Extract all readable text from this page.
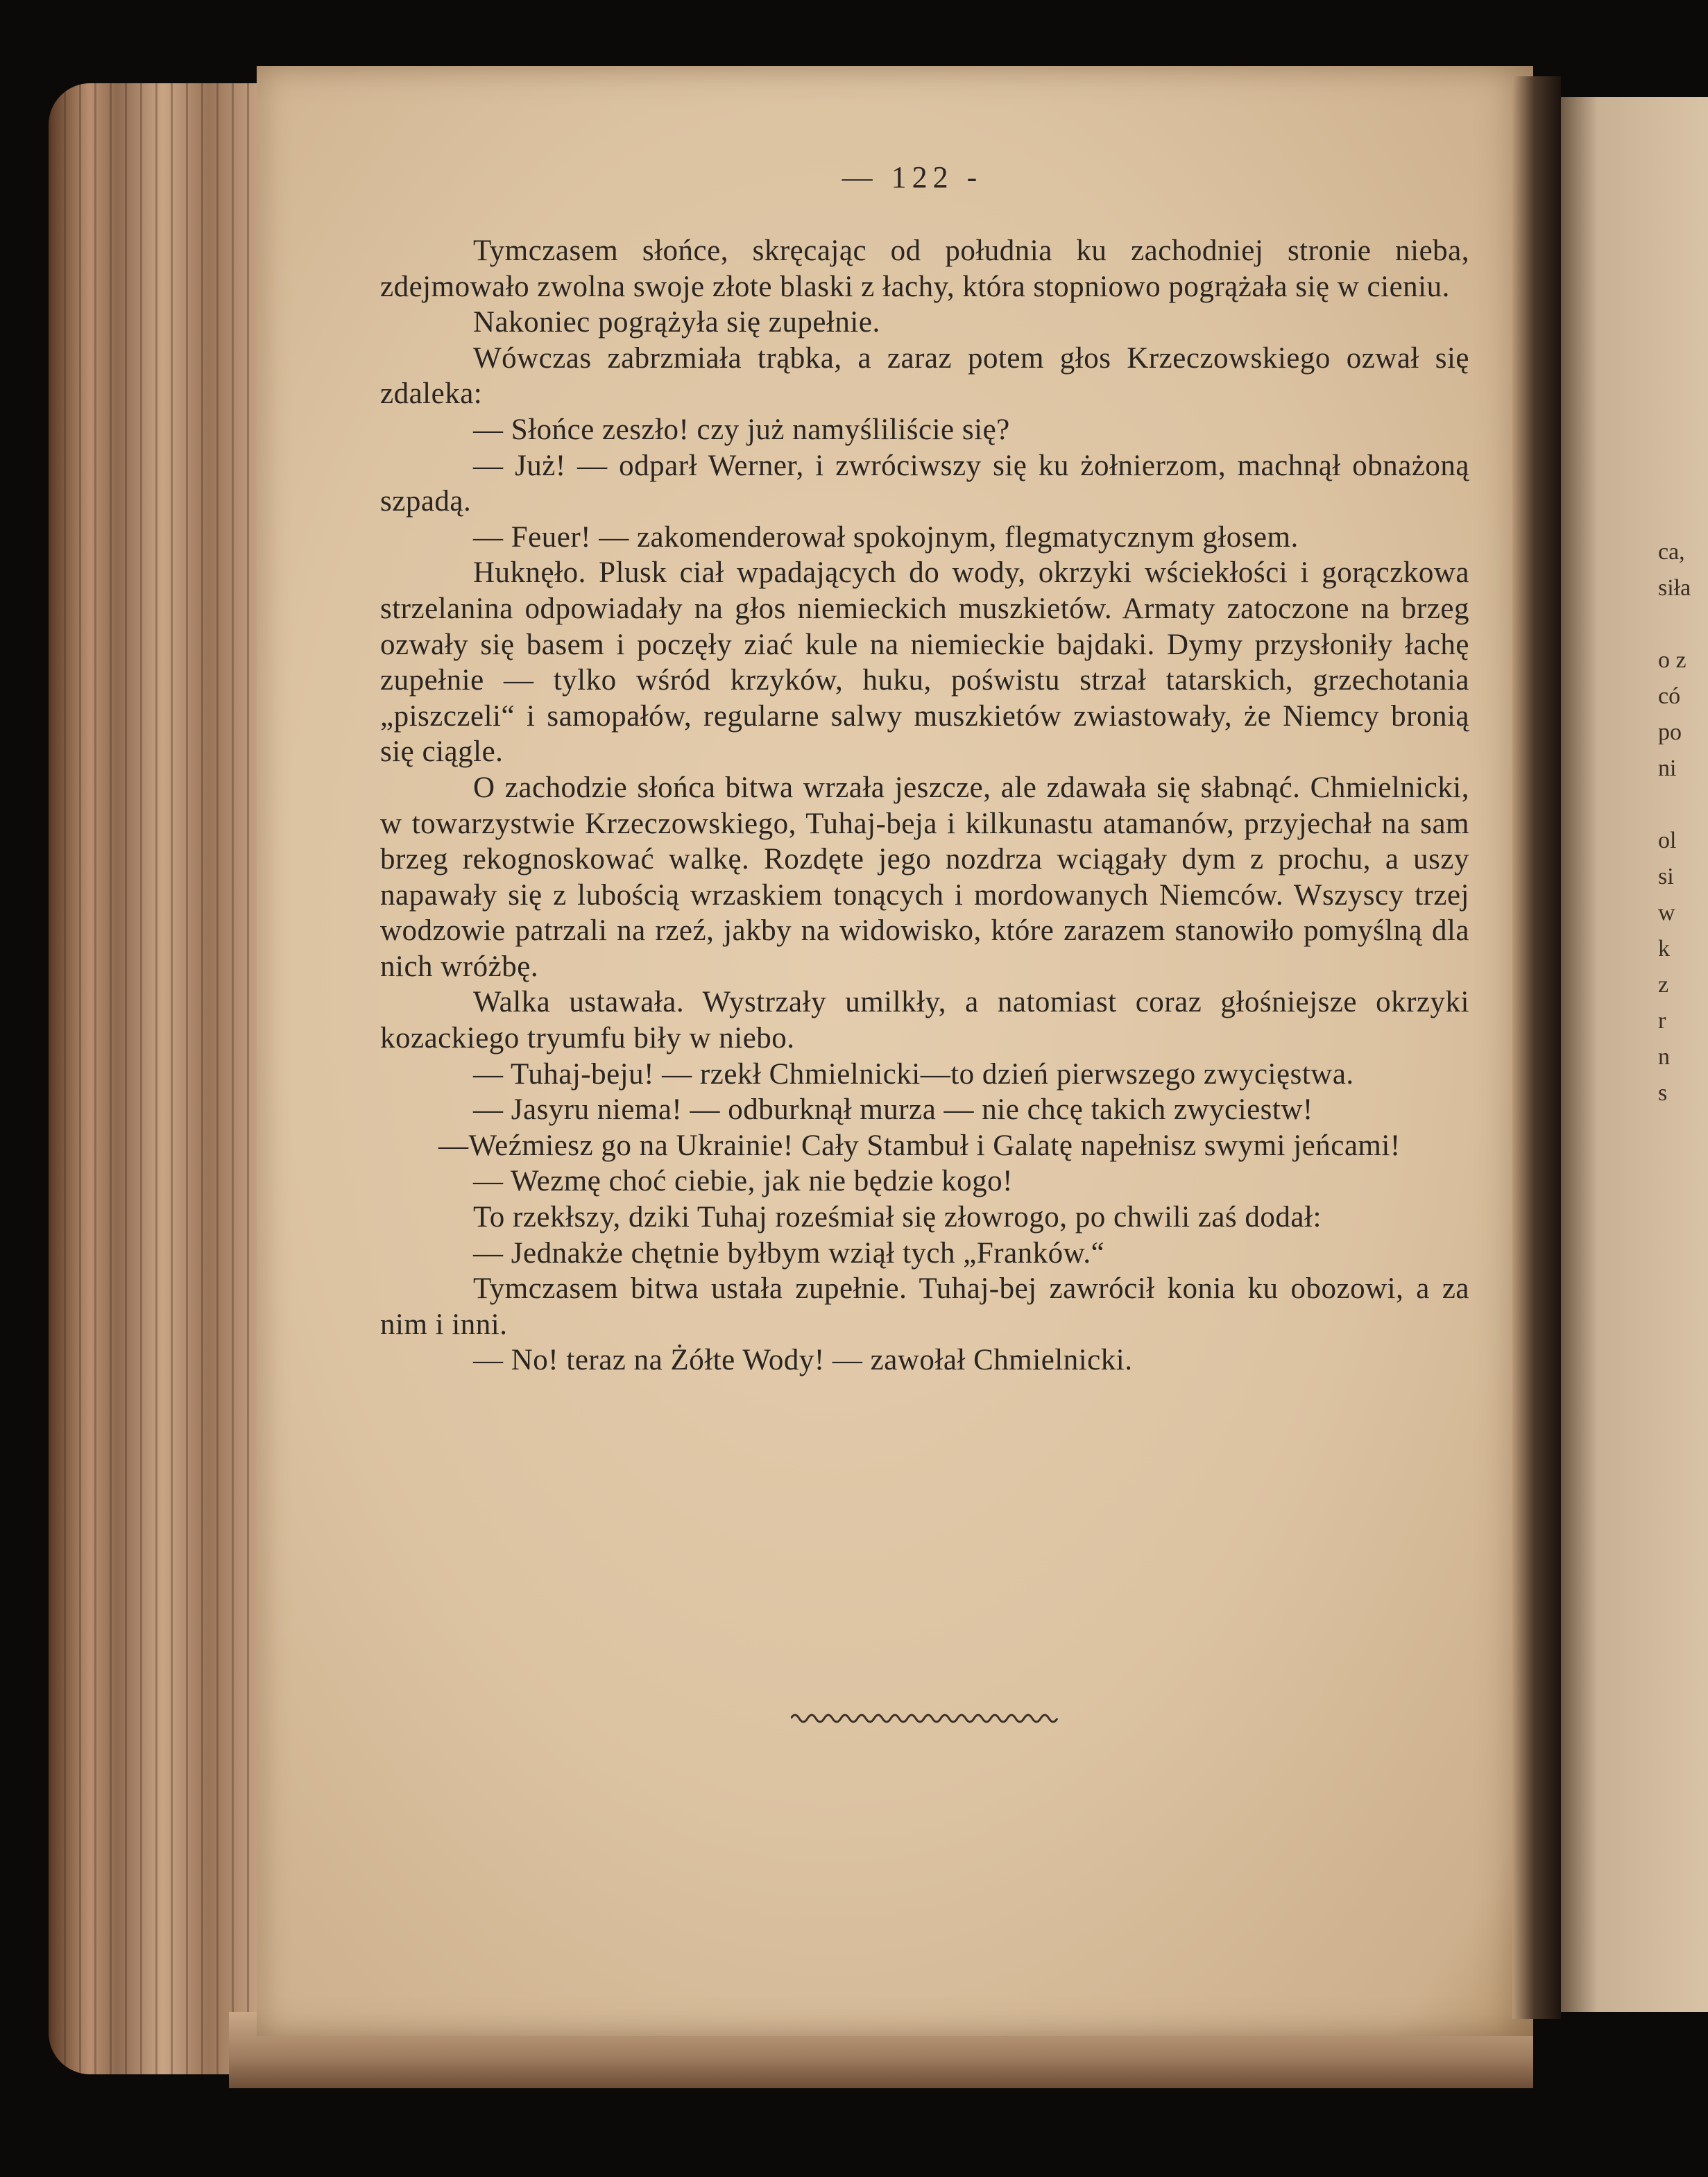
ca,
siła

o z
có
po
ni

ol
si
w
k
z
r
n
s
— 122 -

Tymczasem słońce, skręcając od południa ku zachodniej stronie nieba, zdejmowało zwolna swoje złote blaski z łachy, która stopniowo pogrążała się w cieniu.

Nakoniec pogrążyła się zupełnie.

Wówczas zabrzmiała trąbka, a zaraz potem głos Krzeczowskiego ozwał się zdaleka:

— Słońce zeszło! czy już namyśliliście się?

— Już! — odparł Werner, i zwróciwszy się ku żołnierzom, machnął obnażoną szpadą.

— Feuer! — zakomenderował spokojnym, flegmatycznym głosem.

Huknęło. Plusk ciał wpadających do wody, okrzyki wściekłości i gorączkowa strzelanina odpowiadały na głos niemieckich muszkietów. Armaty zatoczone na brzeg ozwały się basem i poczęły ziać kule na niemieckie bajdaki. Dymy przysłoniły łachę zupełnie — tylko wśród krzyków, huku, poświstu strzał tatarskich, grzechotania „piszczeli“ i samopałów, regularne salwy muszkietów zwiastowały, że Niemcy bronią się ciągle.

O zachodzie słońca bitwa wrzała jeszcze, ale zdawała się słabnąć. Chmielnicki, w towarzystwie Krzeczowskiego, Tuhaj-beja i kilkunastu atamanów, przyjechał na sam brzeg rekognoskować walkę. Rozdęte jego nozdrza wciągały dym z prochu, a uszy napawały się z lubością wrzaskiem tonących i mordowanych Niemców. Wszyscy trzej wodzowie patrzali na rzeź, jakby na widowisko, które zarazem stanowiło pomyślną dla nich wróżbę.

Walka ustawała. Wystrzały umilkły, a natomiast coraz głośniejsze okrzyki kozackiego tryumfu biły w niebo.

— Tuhaj-beju! — rzekł Chmielnicki—to dzień pierwszego zwycięstwa.

— Jasyru niema! — odburknął murza — nie chcę takich zwyciestw!

—Weźmiesz go na Ukrainie! Cały Stambuł i Galatę napełnisz swymi jeńcami!

— Wezmę choć ciebie, jak nie będzie kogo!

To rzekłszy, dziki Tuhaj roześmiał się złowrogo, po chwili zaś dodał:

— Jednakże chętnie byłbym wziął tych „Franków.“

Tymczasem bitwa ustała zupełnie. Tuhaj-bej zawrócił konia ku obozowi, a za nim i inni.

— No! teraz na Żółte Wody! — zawołał Chmielnicki.
